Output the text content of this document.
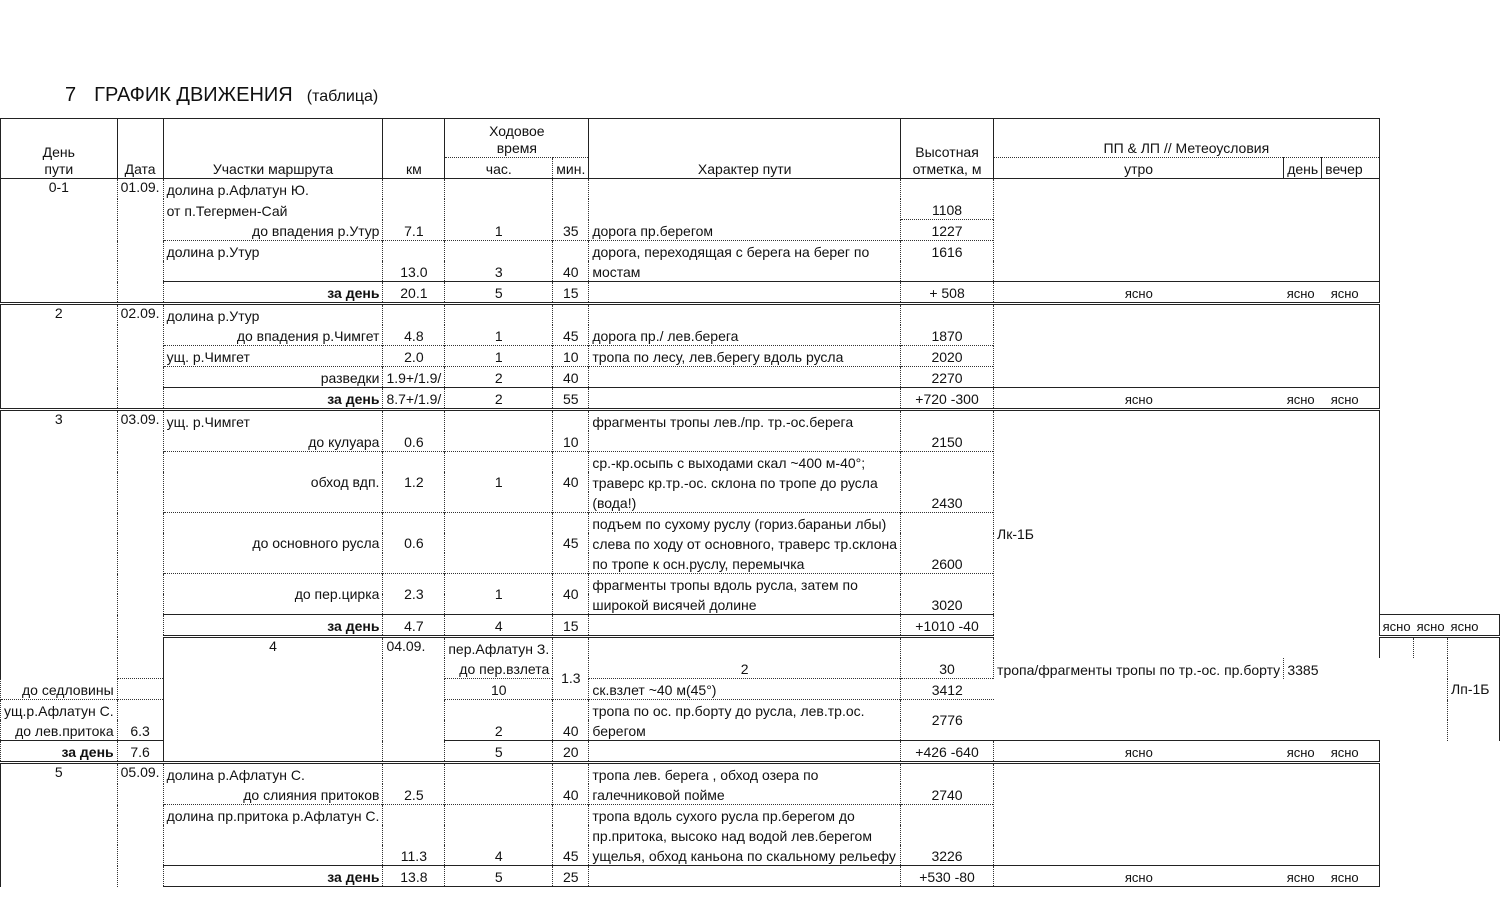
7 ГРАФИК ДВИЖЕНИЯ (таблица)
День пути	Дата	Участки маршрута	км	Ходовое время		Характер пути	Высотная отметка, м	ПП & ЛП // Метеоусловия					
				час.	мин.			утро	день	вечер			
0-1	01.09.	долина р.Афлатун Ю.											
		от п.Тегермен-Сай					1108						
		до впадения р.Утур	7.1	1	35	дорога пр.берегом	1227						
		долина р.Утур				дорога, переходящая с берега на берег по	1616						
			13.0	3	40	мостам							
		за день	20.1	5	15		+ 508	ясно	ясно	ясно			
2	02.09.	долина р.Утур											
		до впадения р.Чимгет	4.8	1	45	дорога пр./ лев.берега	1870						
		ущ. р.Чимгет	2.0	1	10	тропа по лесу, лев.берегу вдоль русла	2020						
		разведки	1.9+/1.9/	2	40		2270						
		за день	8.7+/1.9/	2	55		+720 -300	ясно	ясно	ясно			
3	03.09.	ущ. р.Чимгет				фрагменты тропы лев./пр. тр.-ос.берега		Лк-1Б					
		до кулуара	0.6		10		2150						
		обход вдп.	1.2	1	40	ср.-кр.осыпь с выходами скал ~400 м-40°;	2430						
						траверс кр.тр.-ос. склона по тропе до русла							
						(вода!)							
		до основного русла	0.6		45	подъем по сухому руслу (гориз.бараньи лбы)	2600						
						слева по ходу от основного, траверс тр.склона							
						по тропе к осн.руслу, перемычка							
		до пер.цирка	2.3	1	40	фрагменты тропы вдоль русла, затем по	3020						
						широкой висячей долине							
		за день	4.7	4	15		+1010 -40				ясно	ясно	ясно
		4	04.09.	пер.Афлатун З.									Лп-1Б
				до пер.взлета	1.3	2	30	тропа/фрагменты тропы по тр.-ос. пр.борту	3385				
до седловины				10		ск.взлет ~40 м(45°)	3412						
ущ.р.Афлатун С.						тропа по ос. пр.борту до русла, лев.тр.ос.	2776						
до лев.притока	6.3			2	40	берегом							
за день	7.6			5	20		+426 -640	ясно	ясно	ясно			
5	05.09.	долина р.Афлатун С.				тропа лев. берега , обход озера по							
		до слияния притоков	2.5		40	галечниковой пойме	2740						
		долина пр.притока р.Афлатун С.				тропа вдоль сухого русла пр.берегом до							
						пр.притока, высоко над водой лев.берегом							
			11.3	4	45	ущелья, обход каньона по скальному рельефу	3226						
		за день	13.8	5	25		+530 -80	ясно	ясно	ясно			
